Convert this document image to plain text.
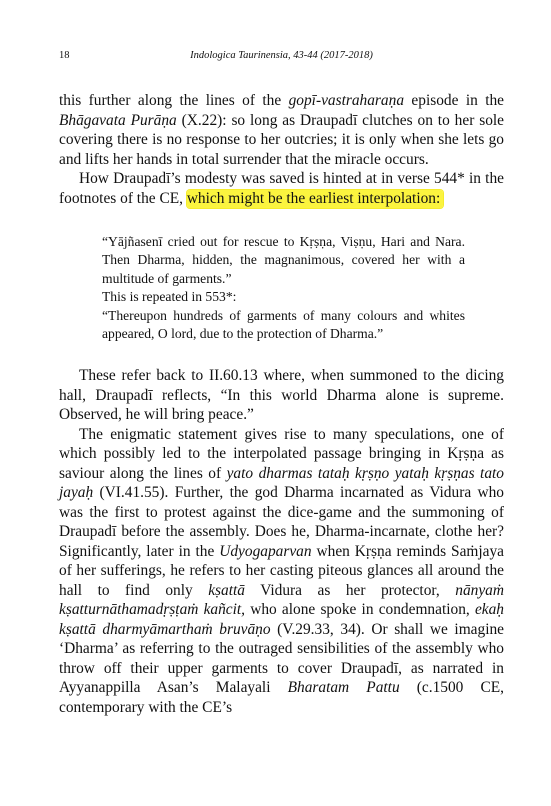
18	Indologica Taurinensia, 43-44 (2017-2018)

this further along the lines of the gopī-vastraharaṇa episode in the Bhāgavata Purāṇa (X.22): so long as Draupadī clutches on to her sole covering there is no response to her outcries; it is only when she lets go and lifts her hands in total surrender that the miracle occurs.

How Draupadī’s modesty was saved is hinted at in verse 544* in the footnotes of the CE, which might be the earliest interpolation:

“Yājñasenī cried out for rescue to Kṛṣṇa, Viṣṇu, Hari and Nara. Then Dharma, hidden, the magnanimous, covered her with a multitude of garments.”

This is repeated in 553*:

“Thereupon hundreds of garments of many colours and whites appeared, O lord, due to the protection of Dharma.”

These refer back to II.60.13 where, when summoned to the dicing hall, Draupadī reflects, “In this world Dharma alone is supreme. Observed, he will bring peace.”

The enigmatic statement gives rise to many speculations, one of which possibly led to the interpolated passage bringing in Kṛṣṇa as saviour along the lines of yato dharmas tataḥ kṛṣṇo yataḥ kṛṣṇas tato jayaḥ (VI.41.55). Further, the god Dharma incarnated as Vidura who was the first to protest against the dice-game and the summoning of Draupadī before the assembly. Does he, Dharma-incarnate, clothe her? Significantly, later in the Udyogaparvan when Kṛṣṇa reminds Saṁjaya of her sufferings, he refers to her casting piteous glances all around the hall to find only kṣattā Vidura as her protector, nānyaṁ kṣatturnāthamadṛṣṭaṁ kañcit, who alone spoke in condemnation, ekaḥ kṣattā dharmyāmarthaṁ bruvāṇo (V.29.33, 34). Or shall we imagine ‘Dharma’ as referring to the outraged sensibilities of the assembly who throw off their upper garments to cover Draupadī, as narrated in Ayyanappilla Asan’s Malayali Bharatam Pattu (c.1500 CE, contemporary with the CE’s
